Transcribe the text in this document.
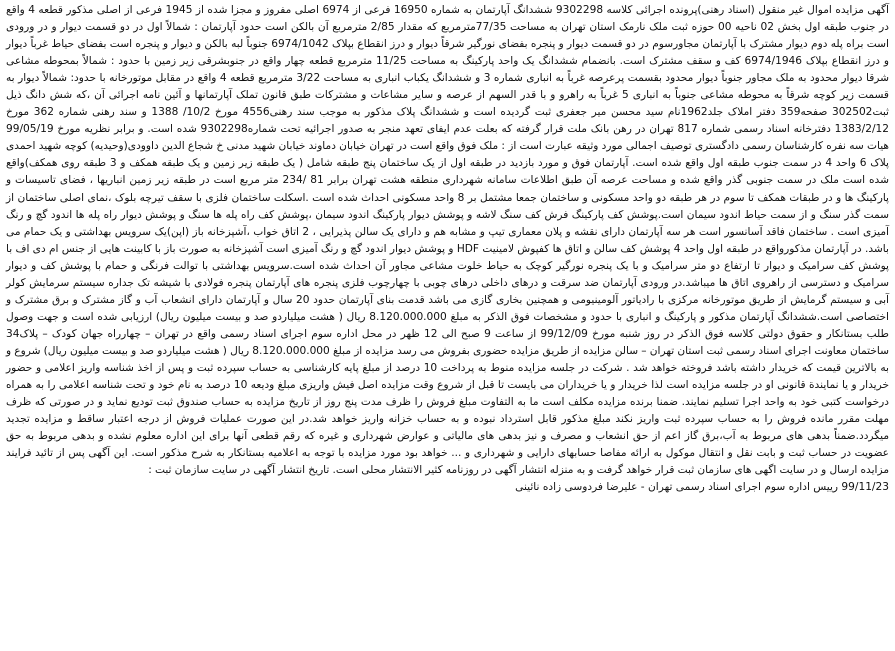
آگهی مزایده اموال غیر منقول (اسناد رهنی)پرونده اجرائی کلاسه 9302298 ششدانگ آپارتمان به شماره 16950 فرعی از 6974 اصلی مفروز و مجزا شده از 1945 فرعی از اصلی مذکور قطعه 4 واقع در جنوب طبقه اول بخش 02 ناحیه 00 حوزه ثبت ملک نارمک استان تهران به مساحت 77/35مترمربع که مقدار 2/85 مترمربع آن بالکن است حدود آپارتمان : شمالاً اول در دو قسمت دیوار و در ورودی است براه پله دوم دیوار مشترک با آپارتمان مجاورسوم در دو قسمت دیوار و پنجره بفضای نورگیر شرقاً دیوار و درز انقطاع بپلاک 6974/1042 جنوباً لبه بالکن و دیوار و پنجره است بفضای حیاط غرباً دیوار و درز انقطاع بپلاک 6974/1946 کف و سقف مشترک است. بانضمام ششدانگ یک واحد پارکینگ به مساحت 11/25 مترمربع قطعه چهار واقع در جنوبشرقی زیر زمین با حدود : شمالاً بمحوطه مشاعی شرقا دیوار محدود به ملک مجاور جنوباً دیوار محدود بقسمت پرعرصه غرباً به انباری شماره 3 و ششدانگ یکباب انباری به مساحت 3/22 مترمربع قطعه 4 واقع در مقابل موتورخانه با حدود: شمالاً دیوار به قسمت زیر کوچه شرقاً به محوطه مشاعی جنوباً به انباری 5 غرباً به راهرو و با قدر السهم از عرصه و سایر مشاعات و مشترکات طبق قانون تملک آپارتمانها و آئین نامه اجرائی آن ،که شش دانگ ذیل ثبت302502 صفحه359 دفتر املاک جلد1962نام سید محسن میر جعفری ثبت گردیده است و ششدانگ پلاک مذکور به موجب سند رهنی4556 مورخ 10/2/ 1388 و سند رهنی شماره 362 مورخ 1383/2/12 دفترخانه اسناد رسمی شماره 817 تهران در رهن بانک ملت قرار گرفته که بعلت عدم ایفای تعهد منجر به صدور اجرائیه تحت شماره9302298 شده است. و برابر نظریه مورخ 99/05/19 هیات سه نفره کارشناسان رسمی دادگستری توصیف اجمالی مورد وثیقه عبارت است از : ملک فوق واقع است در تهران خیابان دماوند خیابان شهید مدنی خ شجاع الدین داوودی(وحیدیه) کوچه شهید احمدی پلاک 6 واحد 4 در سمت جنوب طبقه اول واقع شده است. آپارتمان فوق و مورد بازدید در طبقه اول از یک ساختمان پنج طبقه شامل ( یک طبقه زیر زمین و یک طبقه همکف و 3 طبقه روی همکف)واقع شده است ملک در سمت جنوبی گذر واقع شده و مساحت عرصه آن طبق اطلاعات سامانه شهرداری منطقه هشت تهران برابر 81 /234 متر مربع است در طبقه زیر زمین انباریها ، فضای تاسیسات و پارکینگ ها و در طبقات همکف تا سوم در هر طبقه دو واحد مسکونی و ساختمان جمعا مشتمل بر 8 واحد مسکونی احداث شده است .اسکلت ساختمان فلزی با سقف تیرچه بلوک ،نمای اصلی ساختمان از سمت گذر سنگ و از سمت حیاط اندود سیمان است.پوشش کف پارکینگ فرش کف سنگ لاشه و پوشش دیوار پارکینگ اندود سیمان ،پوشش کف راه پله ها سنگ و پوشش دیوار راه پله ها اندود گچ و رنگ آمیزی است . ساختمان فاقد آسانسور است هر سه آپارتمان دارای نقشه و پلان معماری تیپ و مشابه هم و دارای یک سالن پذیرایی ، 2 اتاق خواب ،آشپزخانه باز (اپن)یک سرویس بهداشتی و یک حمام می باشد. در آپارتمان مذکورواقع در طبقه اول واحد 4 پوشش کف سالن و اتاق ها کفپوش لامینیت HDF و پوشش دیوار اندود گچ و رنگ آمیزی است آشپزخانه به صورت باز با کابینت هایی از جنس ام دی اف با پوشش کف سرامیک و دیوار تا ارتفاع دو متر سرامیک و با یک پنجره نورگیر کوچک به حیاط خلوت مشاعی مجاور آن احداث شده است.سرویس بهداشتی با توالت فرنگی و حمام با پوشش کف و دیوار سرامیک و دسترسی از راهروی اتاق ها میباشد.در ورودی آپارتمان ضد سرقت و درهای داخلی درهای چوبی با چهارچوب فلزی پنجره های آپارتمان پنجره فولادی با شیشه تک جداره سیستم سرمایش کولر آبی و سیستم گرمایش از طریق موتورخانه مرکزی با رادیاتور آلومینیومی و همچنین بخاری گازی می باشد قدمت بنای آپارتمان حدود 20 سال و آپارتمان دارای انشعاب آب و گاز مشترک و برق مشترک و اختصاصی است.ششدانگ آپارتمان مذکور و پارکینگ و انباری با حدود و مشخصات فوق الذکر به مبلغ 8.120.000.000 ریال ( هشت میلیاردو صد و بیست میلیون ریال) ارزیابی شده است و جهت وصول طلب بستانکار و حقوق دولتی کلاسه فوق الذکر در روز شنبه مورخ 99/12/09 از ساعت 9 صبح الی 12 ظهر در محل اداره سوم اجرای اسناد رسمی واقع در تهران – چهارراه جهان کودک – پلاک34 ساختمان معاونت اجرای اسناد رسمی ثبت استان تهران – سالن مزایده از طریق مزایده حضوری بفروش می رسد مزایده از مبلغ 8.120.000.000 ریال ( هشت میلیاردو صد و بیست میلیون ریال) شروع و به بالاترین قیمت که خریدار داشته باشد فروخته خواهد شد . شرکت در جلسه مزایده منوط به پرداخت 10 درصد از مبلغ پایه کارشناسی به حساب سپرده ثبت و پس از اخذ شناسه واریز اعلامی و حضور خریدار و یا نمایندة قانونی او در جلسه مزایده است لذا خریدار و یا خریداران می بایست تا قبل از شروع وقت مزایده اصل فیش واریزی مبلغ ودیعه 10 درصد به نام خود و تحت شناسه اعلامی را به همراه درخواست کتبی خود به واحد اجرا تسلیم نمایند. ضمنا برنده مزایده مکلف است ما به التفاوت مبلغ فروش را ظرف مدت پنج روز از تاریخ مزایده به حساب صندوق ثبت تودیع نماید و در صورتی که ظرف مهلت مقرر مانده فروش را به حساب سپرده ثبت واریز نکند مبلغ مذکور قابل استرداد نبوده و به حساب خزانه واریز خواهد شد.در این صورت عملیات فروش از درجه اعتبار ساقط و مزایده تجدید میگردد.ضمناً بدهی های مربوط به آب،برق گاز اعم از حق انشعاب و مصرف و نیز بدهی های مالیاتی و عوارض شهرداری و غیره که رقم قطعی آنها برای این اداره معلوم نشده و بدهی مربوط به حق عضویت در حساب ثبت و بابت نقل و انتقال موکول به ارائه مفاصا حسابهای دارایی و شهرداری و ... خواهد بود مورد مزایده با توجه به اعلامیه بستانکار به شرح مذکور است. این آگهی پس از تائید فرایند مزایده ارسال و در سایت اگهی های سازمان ثبت قرار خواهد گرفت و به منزله انتشار آگهی در روزنامه کثیر الانتشار محلی است. تاریخ انتشار آگهی در سایت سازمان ثبت :

99/11/23 رییس اداره سوم اجرای اسناد رسمی تهران - علیرضا فردوسی زاده نائینی
